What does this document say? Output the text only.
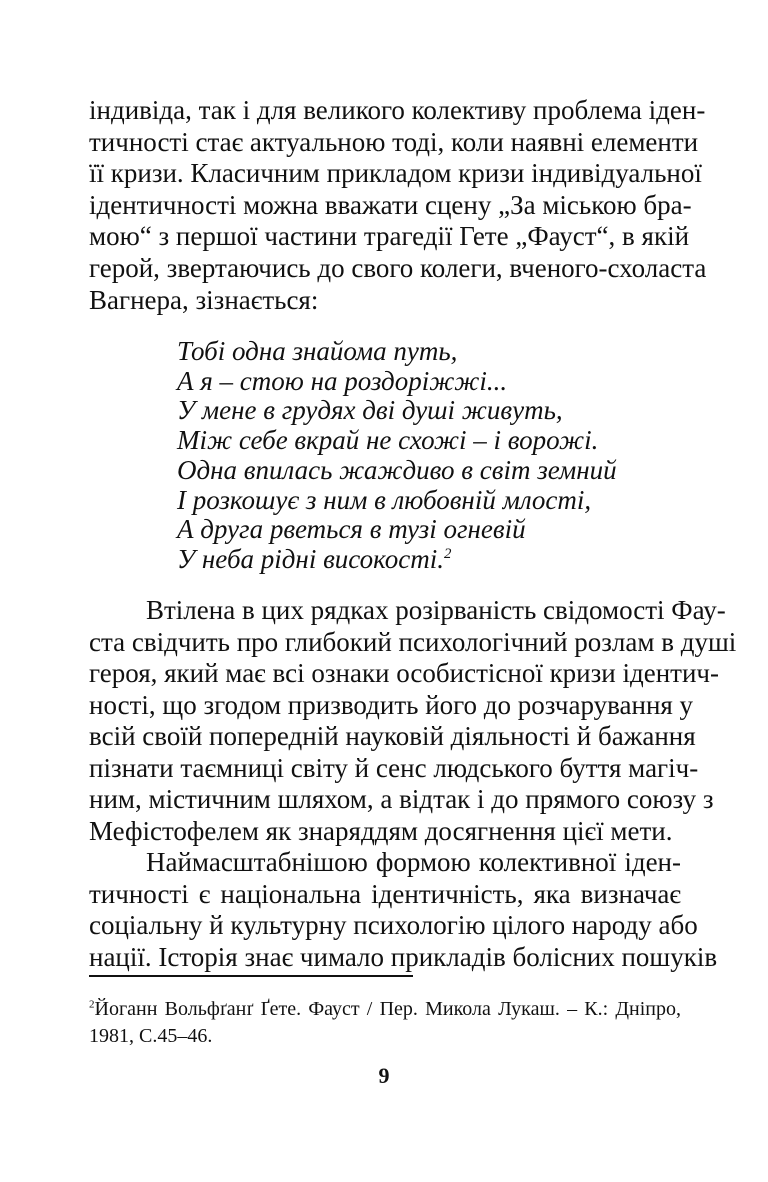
індивіда, так і для великого колективу проблема іден-
тичності стає актуальною тоді, коли наявні елементи
її кризи. Класичним прикладом кризи індивідуальної
ідентичності можна вважати сцену „За міською бра-
мою“ з першої частини трагедії Гете „Фауст“, в якій
герой, звертаючись до свого колеги, вченого-схоласта
Вагнера, зізнається:
Тобі одна знайома путь,
А я – стою на роздоріжжі...
У мене в грудях дві душі живуть,
Між себе вкрай не схожі – і ворожі.
Одна впилась жаждиво в світ земний
І розкошує з ним в любовній млості,
А друга рветься в тузі огневій
У неба рідні високості.$^2$
Втілена в цих рядках розірваність свідомості Фау-
ста свідчить про глибокий психологічний розлам в душі
героя, який має всі ознаки особистісної кризи ідентич-
ності, що згодом призводить його до розчарування у
всій своїй попередній науковій діяльності й бажання
пізнати таємниці світу й сенс людського буття магіч-
ним, містичним шляхом, а відтак і до прямого союзу з
Мефістофелем як знаряддям досягнення цієї мети.
Наймасштабнішою формою колективної іден-
тичності є національна ідентичність, яка визначає
соціальну й культурну психологію цілого народу або
нації. Історія знає чимало прикладів болісних пошуків
$^2$Йоганн Вольфґанґ Ґете. Фауст / Пер. Микола Лукаш. – К.: Дніпро,
1981, С.45–46.
9
